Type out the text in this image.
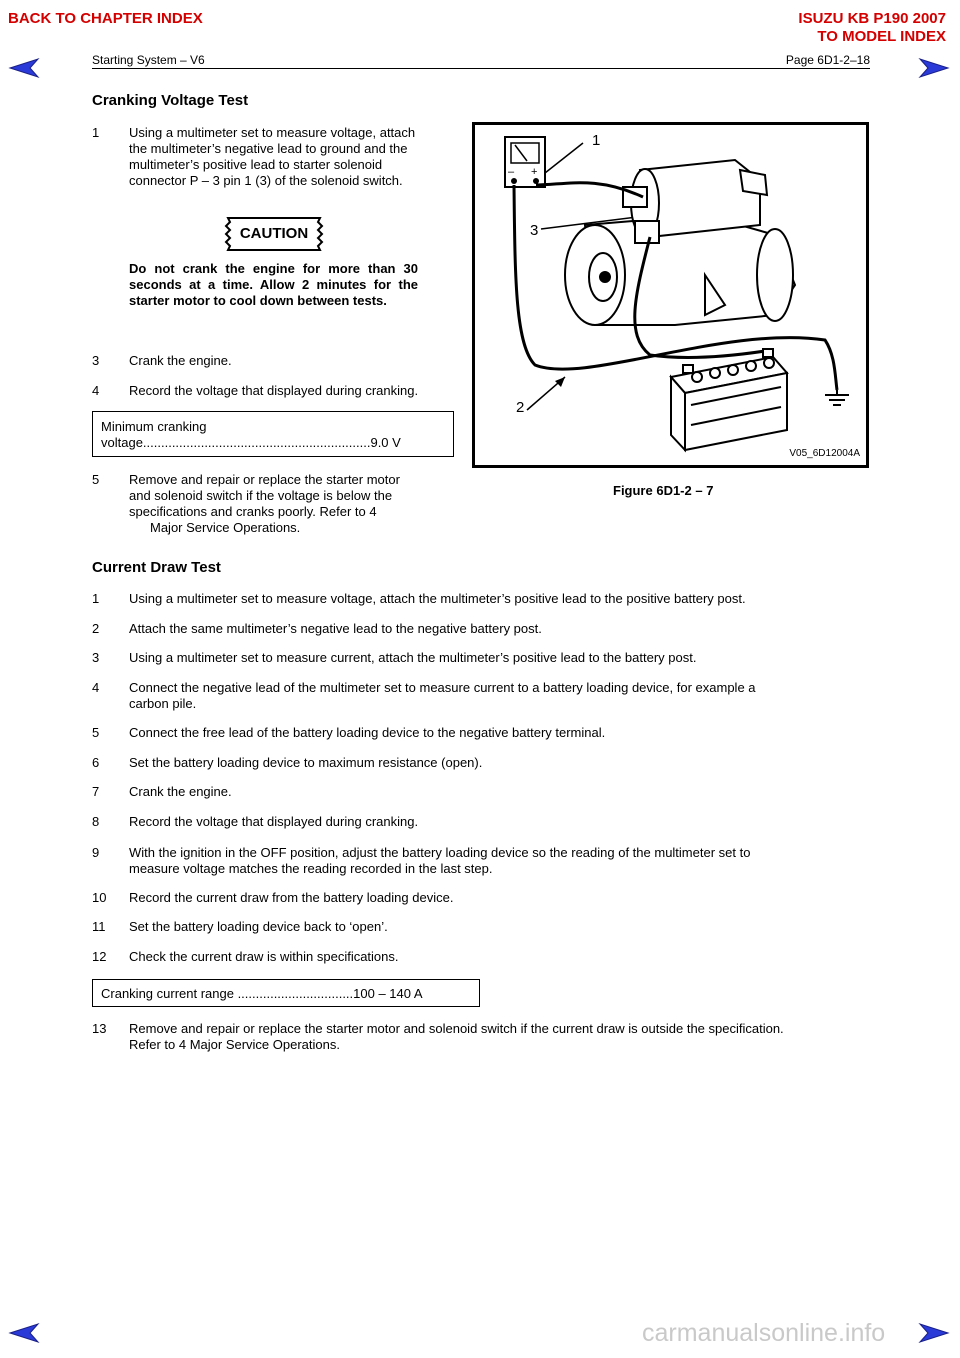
BACK TO CHAPTER INDEX	ISUZU KB P190 2007
TO MODEL INDEX
Starting System – V6	Page 6D1-2–18
Cranking Voltage Test
1 Using a multimeter set to measure voltage, attach
the multimeter’s negative lead to ground and the
multimeter’s positive lead to starter solenoid
connector P – 3 pin 1 (3) of the solenoid switch.
CAUTION
Do not crank the engine for more than 30 seconds at a time. Allow 2 minutes for the starter motor to cool down between tests.
3 Crank the engine.
4 Record the voltage that displayed during cranking.
Minimum cranking
voltage...............................................................9.0 V
5 Remove and repair or replace the starter motor
and solenoid switch if the voltage is below the
specifications and cranks poorly. Refer to 4
Major Service Operations.
– +
1
3
2
V05_6D12004A
Figure 6D1-2 – 7
Current Draw Test
1 Using a multimeter set to measure voltage, attach the multimeter’s positive lead to the positive battery post.
2 Attach the same multimeter’s negative lead to the negative battery post.
3 Using a multimeter set to measure current, attach the multimeter’s positive lead to the battery post.
4 Connect the negative lead of the multimeter set to measure current to a battery loading device, for example a
carbon pile.
5 Connect the free lead of the battery loading device to the negative battery terminal.
6 Set the battery loading device to maximum resistance (open).
7 Crank the engine.
8 Record the voltage that displayed during cranking.
9 With the ignition in the OFF position, adjust the battery loading device so the reading of the multimeter set to
measure voltage matches the reading recorded in the last step.
10 Record the current draw from the battery loading device.
11 Set the battery loading device back to ‘open’.
12 Check the current draw is within specifications.
Cranking current range ................................100 – 140 A
13 Remove and repair or replace the starter motor and solenoid switch if the current draw is outside the specification.
Refer to 4 Major Service Operations.
carmanualsonline.info
